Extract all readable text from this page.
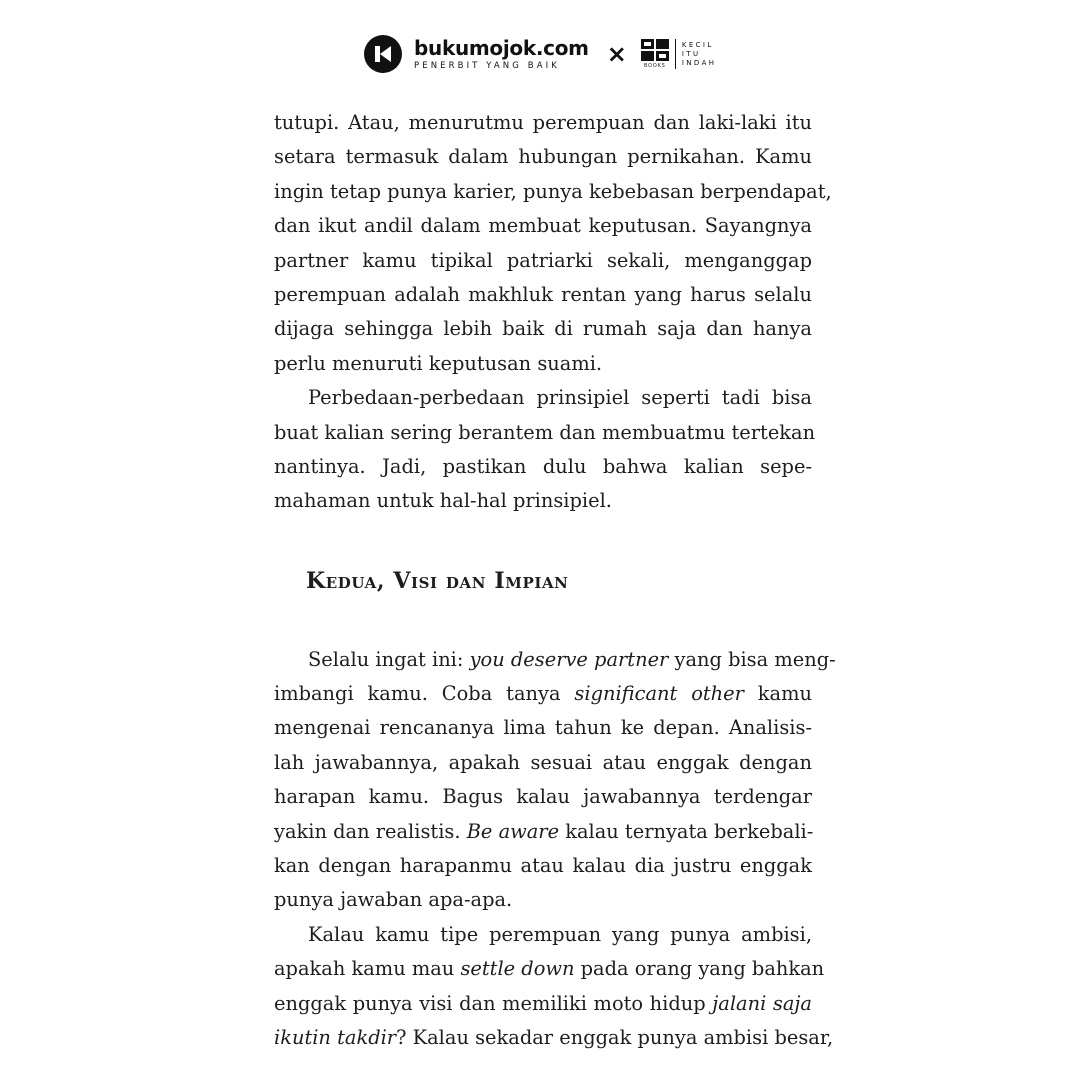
bukumojok.com
PENERBIT YANG BAIK	×	BOOKS
KECIL
ITU
INDAH

tutupi. Atau, menurutmu perempuan dan laki-laki itu
setara termasuk dalam hubungan pernikahan. Kamu
ingin tetap punya karier, punya kebebasan berpendapat,
dan ikut andil dalam membuat keputusan. Sayangnya
partner kamu tipikal patriarki sekali, menganggap
perempuan adalah makhluk rentan yang harus selalu
dijaga sehingga lebih baik di rumah saja dan hanya
perlu menuruti keputusan suami.

Perbedaan-perbedaan prinsipiel seperti tadi bisa
buat kalian sering berantem dan membuatmu tertekan
nantinya. Jadi, pastikan dulu bahwa kalian sepe-
mahaman untuk hal-hal prinsipiel.

Kedua, Visi dan Impian

Selalu ingat ini: you deserve partner yang bisa meng-
imbangi kamu. Coba tanya significant other kamu
mengenai rencananya lima tahun ke depan. Analisis-
lah jawabannya, apakah sesuai atau enggak dengan
harapan kamu. Bagus kalau jawabannya terdengar
yakin dan realistis. Be aware kalau ternyata berkebali-
kan dengan harapanmu atau kalau dia justru enggak
punya jawaban apa-apa.

Kalau kamu tipe perempuan yang punya ambisi,
apakah kamu mau settle down pada orang yang bahkan
enggak punya visi dan memiliki moto hidup jalani saja
ikutin takdir? Kalau sekadar enggak punya ambisi besar,
